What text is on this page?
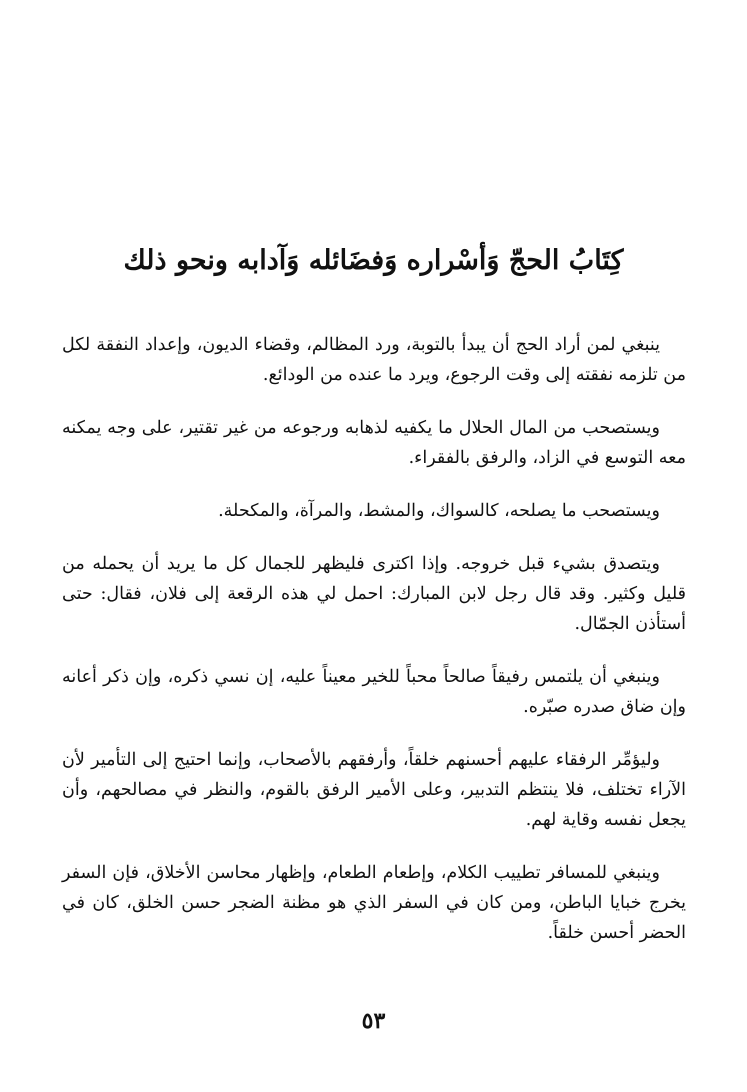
كِتَابُ الحجّ وَأسْراره وَفضَائله وَآدابه ونحو ذلك

ينبغي لمن أراد الحج أن يبدأ بالتوبة، ورد المظالم، وقضاء الديون، وإعداد النفقة لكل من تلزمه نفقته إلى وقت الرجوع، ويرد ما عنده من الودائع.

ويستصحب من المال الحلال ما يكفيه لذهابه ورجوعه من غير تقتير، على وجه يمكنه معه التوسع في الزاد، والرفق بالفقراء.

ويستصحب ما يصلحه، كالسواك، والمشط، والمرآة، والمكحلة.

ويتصدق بشيء قبل خروجه. وإذا اكترى فليظهر للجمال كل ما يريد أن يحمله من قليل وكثير. وقد قال رجل لابن المبارك: احمل لي هذه الرقعة إلى فلان، فقال: حتى أستأذن الجمّال.

وينبغي أن يلتمس رفيقاً صالحاً محباً للخير معيناً عليه، إن نسي ذكره، وإن ذكر أعانه وإن ضاق صدره صبّره.

وليؤمِّر الرفقاء عليهم أحسنهم خلقاً، وأرفقهم بالأصحاب، وإنما احتيج إلى التأمير لأن الآراء تختلف، فلا ينتظم التدبير، وعلى الأمير الرفق بالقوم، والنظر في مصالحهم، وأن يجعل نفسه وقاية لهم.

وينبغي للمسافر تطييب الكلام، وإطعام الطعام، وإظهار محاسن الأخلاق، فإن السفر يخرج خبايا الباطن، ومن كان في السفر الذي هو مظنة الضجر حسن الخلق، كان في الحضر أحسن خلقاً.

٥٣
